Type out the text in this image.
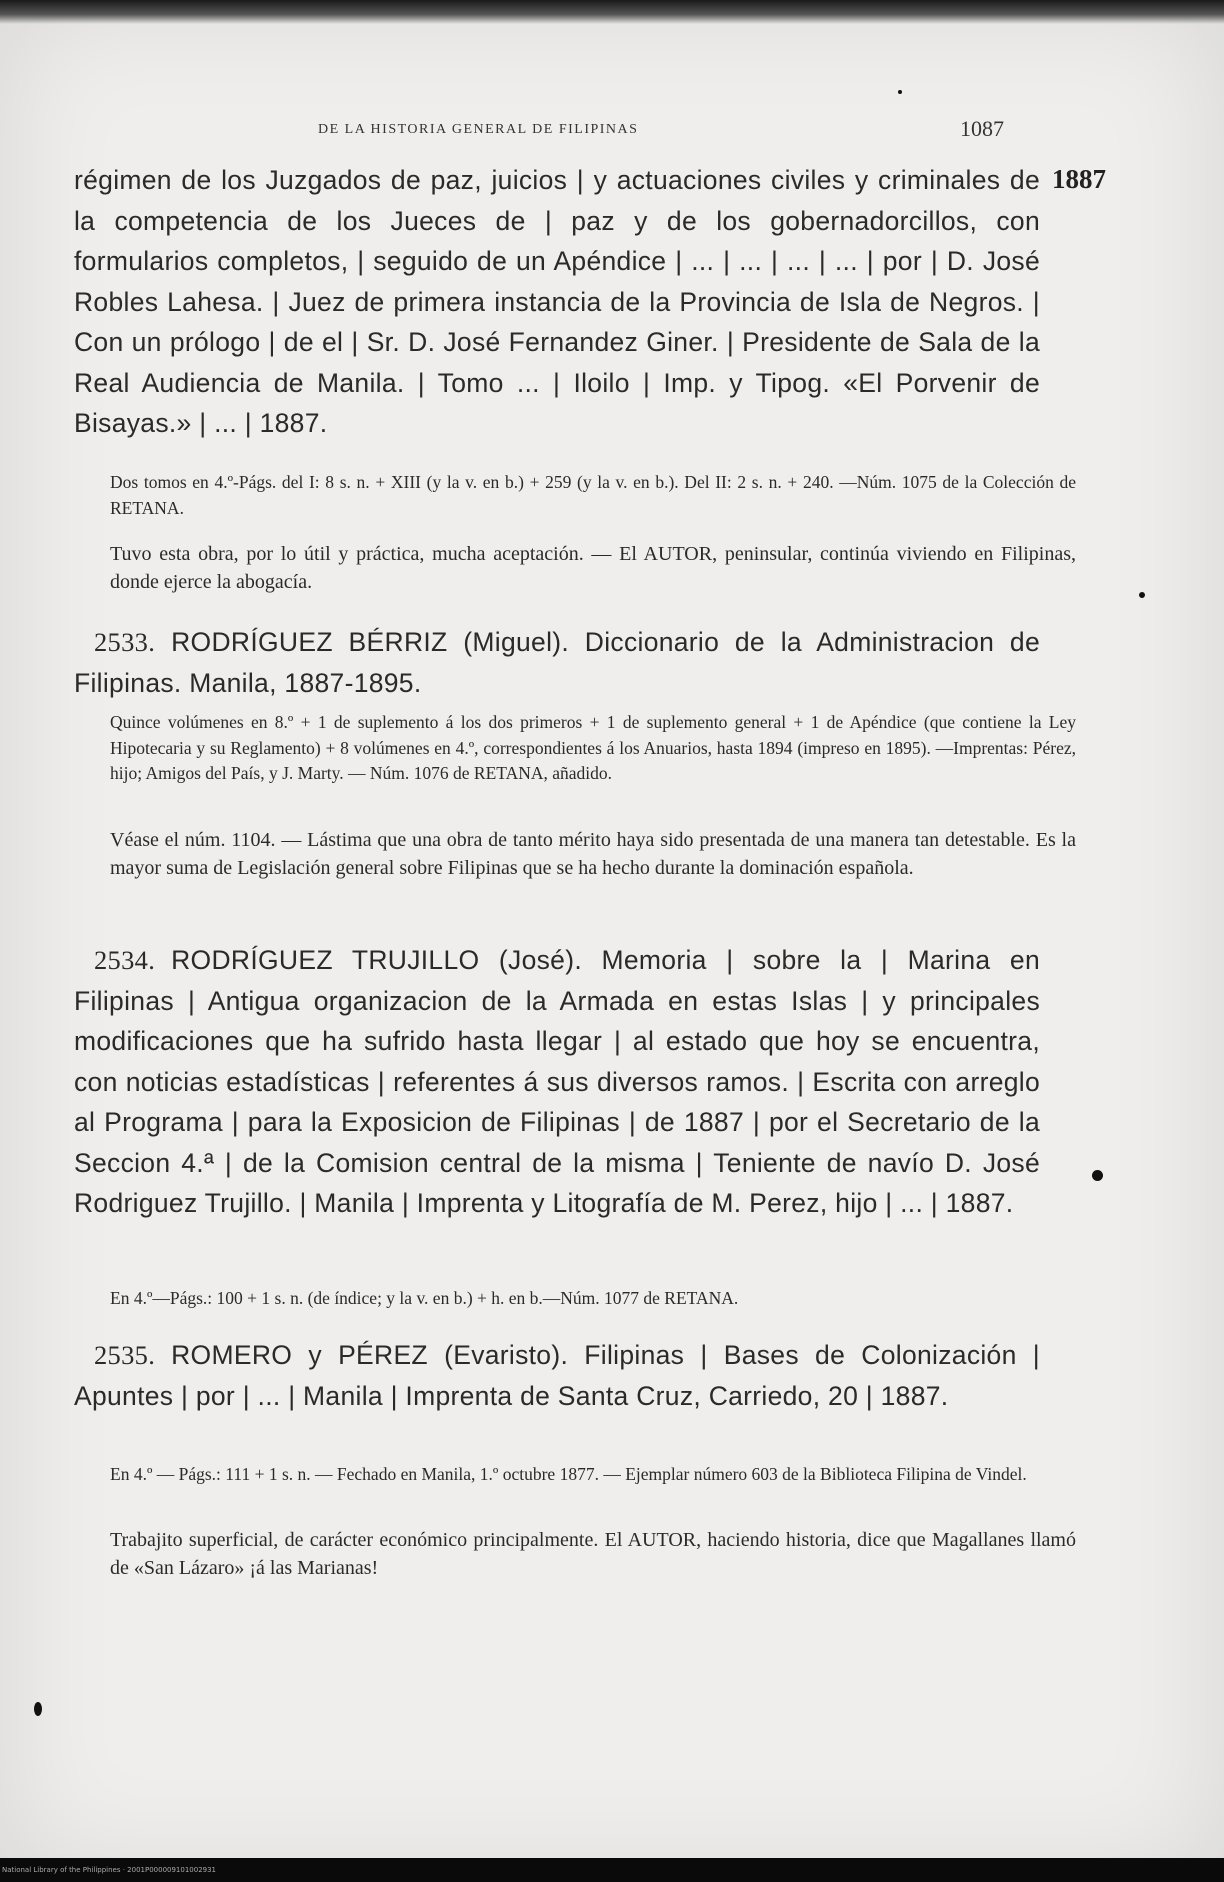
DE LA HISTORIA GENERAL DE FILIPINAS	1087
1887
régimen de los Juzgados de paz, juicios | y actuaciones civiles y criminales de la competencia de los Jueces de | paz y de los gobernadorcillos, con formularios completos, | seguido de un Apéndice | ... | ... | ... | ... | por | D. José Robles Lahesa. | Juez de primera instancia de la Provincia de Isla de Negros. | Con un prólogo | de el | Sr. D. José Fernandez Giner. | Presidente de Sala de la Real Audiencia de Manila. | Tomo ... | Iloilo | Imp. y Tipog. «El Porvenir de Bisayas.» | ... | 1887.
Dos tomos en 4.º-Págs. del I: 8 s. n. + XIII (y la v. en b.) + 259 (y la v. en b.). Del II: 2 s. n. + 240. —Núm. 1075 de la Colección de RETANA.
Tuvo esta obra, por lo útil y práctica, mucha aceptación. — El AUTOR, peninsular, continúa viviendo en Filipinas, donde ejerce la abogacía.
2533. RODRÍGUEZ BÉRRIZ (Miguel). Diccionario de la Administracion de Filipinas. Manila, 1887-1895.
Quince volúmenes en 8.º + 1 de suplemento á los dos primeros + 1 de suplemento general + 1 de Apéndice (que contiene la Ley Hipotecaria y su Reglamento) + 8 volúmenes en 4.º, correspondientes á los Anuarios, hasta 1894 (impreso en 1895). —Imprentas: Pérez, hijo; Amigos del País, y J. Marty. — Núm. 1076 de RETANA, añadido.
Véase el núm. 1104. — Lástima que una obra de tanto mérito haya sido presentada de una manera tan detestable. Es la mayor suma de Legislación general sobre Filipinas que se ha hecho durante la dominación española.
2534. RODRÍGUEZ TRUJILLO (José). Memoria | sobre la | Marina en Filipinas | Antigua organizacion de la Armada en estas Islas | y principales modificaciones que ha sufrido hasta llegar | al estado que hoy se encuentra, con noticias estadísticas | referentes á sus diversos ramos. | Escrita con arreglo al Programa | para la Exposicion de Filipinas | de 1887 | por el Secretario de la Seccion 4.ª | de la Comision central de la misma | Teniente de navío D. José Rodriguez Trujillo. | Manila | Imprenta y Litografía de M. Perez, hijo | ... | 1887.
En 4.º—Págs.: 100 + 1 s. n. (de índice; y la v. en b.) + h. en b.—Núm. 1077 de RETANA.
2535. ROMERO y PÉREZ (Evaristo). Filipinas | Bases de Colonización | Apuntes | por | ... | Manila | Imprenta de Santa Cruz, Carriedo, 20 | 1887.
En 4.º — Págs.: 111 + 1 s. n. — Fechado en Manila, 1.º octubre 1877. — Ejemplar número 603 de la Biblioteca Filipina de Vindel.
Trabajito superficial, de carácter económico principalmente. El AUTOR, haciendo historia, dice que Magallanes llamó de «San Lázaro» ¡á las Marianas!
National Library of the Philippines · 2001P000009101002931
